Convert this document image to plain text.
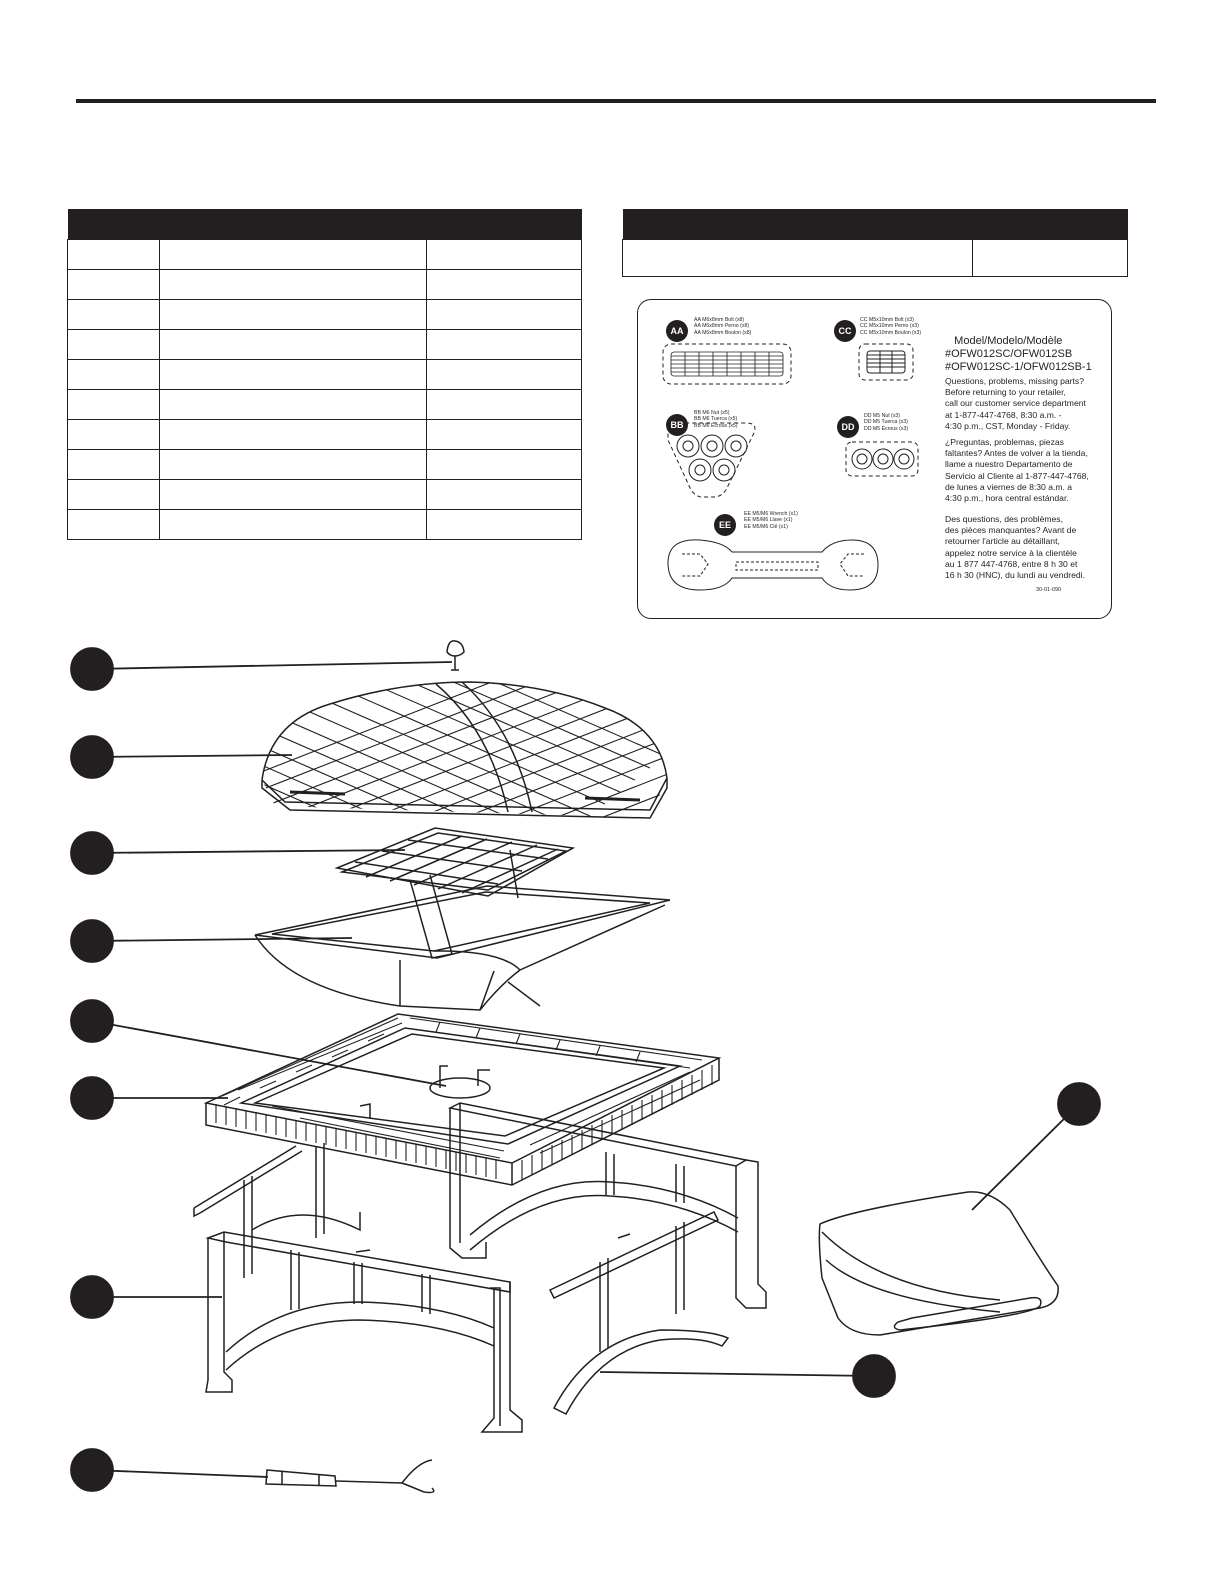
AA
AA M6x8mm Bolt (x8)
AA M6x8mm Perno (x8)
AA M6x8mm Boulon (x8)
BB
BB M6 Nut (x5)
BB M6 Tuerca (x5)
BB M6 Écrous (x5)
CC
CC M5x10mm Bolt (x3)
CC M5x10mm Perno (x3)
CC M5x10mm Boulon (x3)
DD
DD M5 Nut (x3)
DD M5 Tuerca (x3)
DD M5 Écrous (x3)
EE
EE M5/M6 Wrench (x1)
EE M5/M6 Llave (x1)
EE M5/M6 Clé (x1)
Model/Modelo/Modèle
#OFW012SC/OFW012SB
#OFW012SC-1/OFW012SB-1
Questions, problems, missing parts?
Before returning to your retailer,
call our customer service department
at 1-877-447-4768, 8:30 a.m. -
4:30 p.m., CST, Monday - Friday.
¿Preguntas, problemas, piezas
faltantes? Antes de volver a la tienda,
llame a nuestro Departamento de
Servicio al Cliente al 1-877-447-4768,
de lunes a viernes de 8:30 a.m. a
4:30 p.m., hora central estándar.
Des questions, des problèmes,
des pièces manquantes? Avant de
retourner l'article au détaillant,
appelez notre service à la clientèle
au 1 877 447-4768, entre 8 h 30 et
16 h 30 (HNC), du lundi au vendredi.
30-01-090
